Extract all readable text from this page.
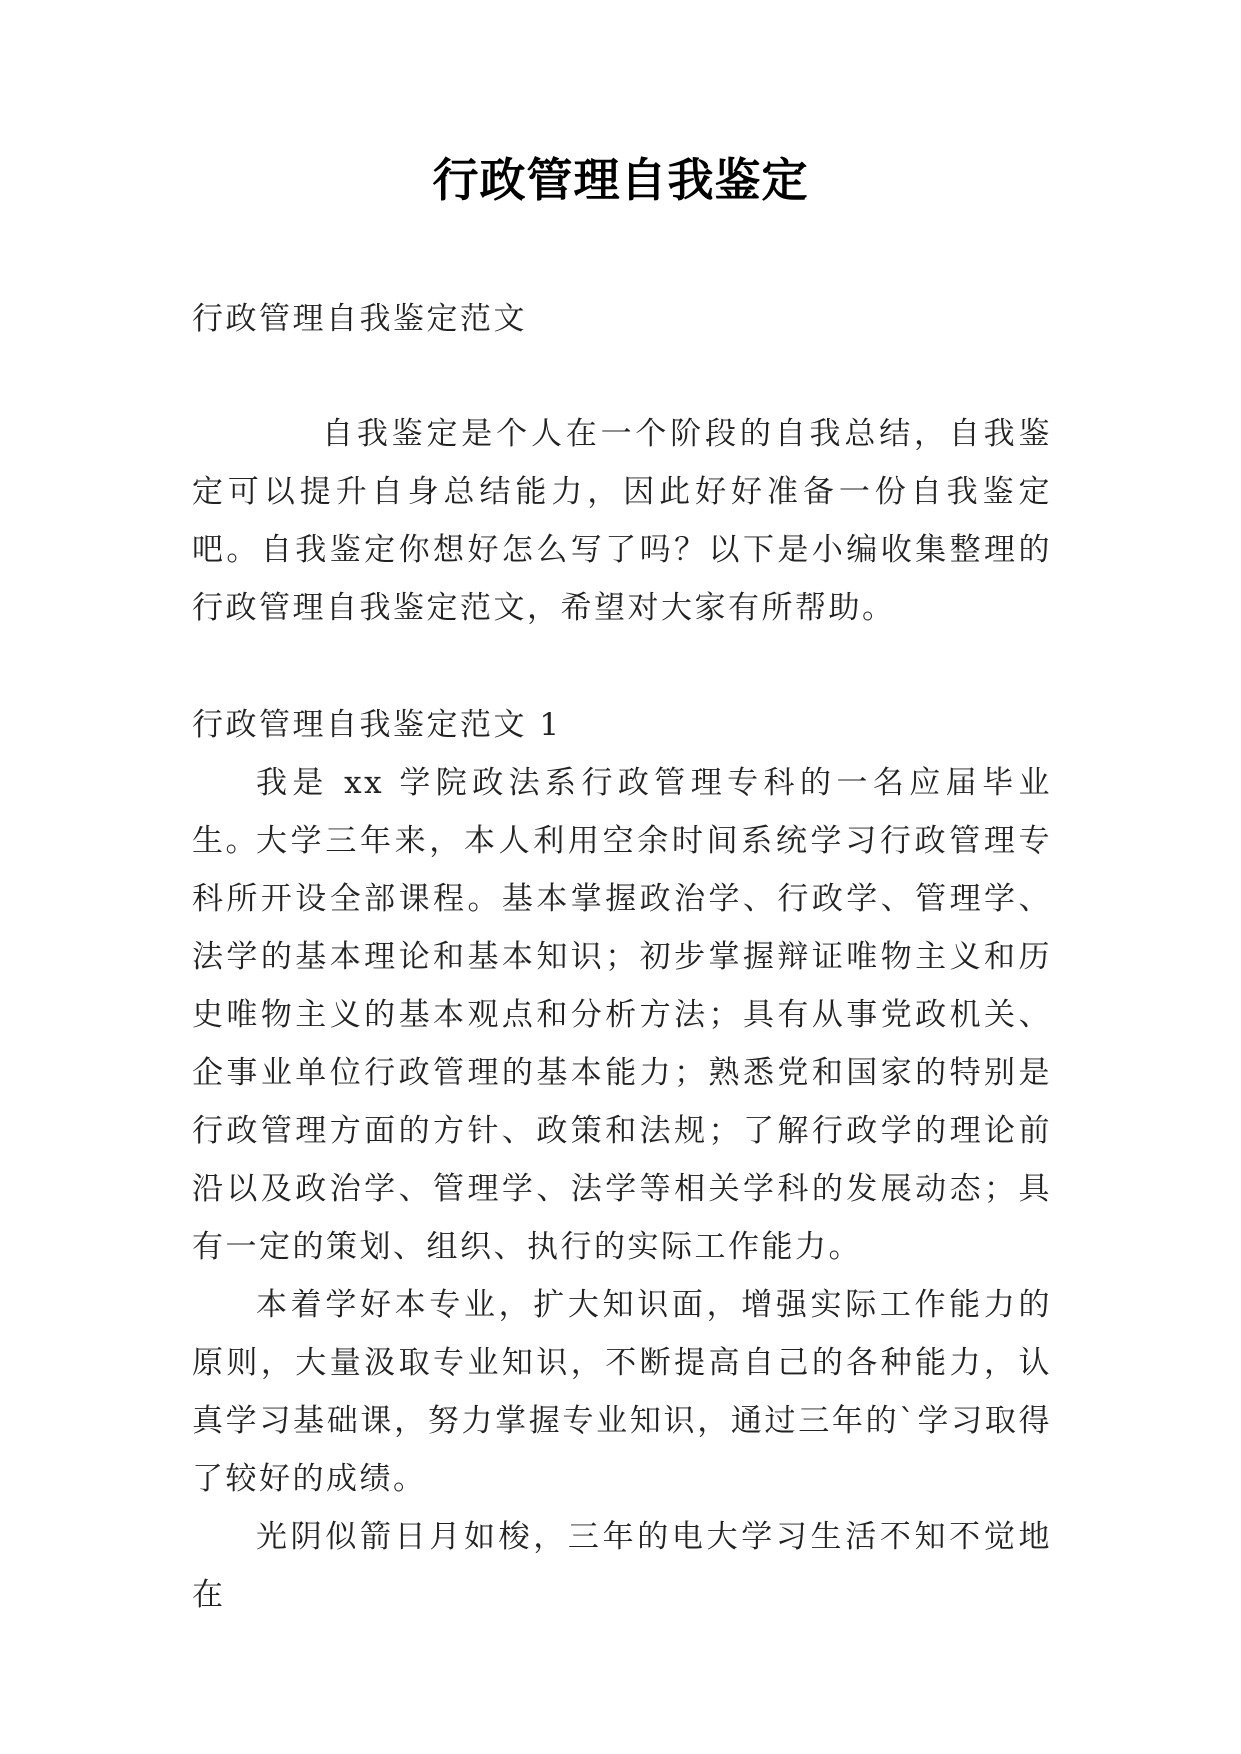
行政管理自我鉴定

行政管理自我鉴定范文

自我鉴定是个人在一个阶段的自我总结，自我鉴定可以提升自身总结能力，因此好好准备一份自我鉴定吧。自我鉴定你想好怎么写了吗？以下是小编收集整理的行政管理自我鉴定范文，希望对大家有所帮助。

行政管理自我鉴定范文 1

我是 xx 学院政法系行政管理专科的一名应届毕业生。

大学三年来，本人利用空余时间系统学习行政管理专科所开设全部课程。基本掌握政治学、行政学、管理学、法学的基本理论和基本知识；初步掌握辩证唯物主义和历史唯物主义的基本观点和分析方法；具有从事党政机关、企事业单位行政管理的基本能力；熟悉党和国家的特别是行政管理方面的方针、政策和法规；了解行政学的理论前沿以及政治学、管理学、法学等相关学科的发展动态；具有一定的策划、组织、执行的实际工作能力。

本着学好本专业，扩大知识面，增强实际工作能力的原则，大量汲取专业知识，不断提高自己的各种能力，认真学习基础课，努力掌握专业知识，通过三年的`学习取得了较好的成绩。

光阴似箭日月如梭，三年的电大学习生活不知不觉地在
